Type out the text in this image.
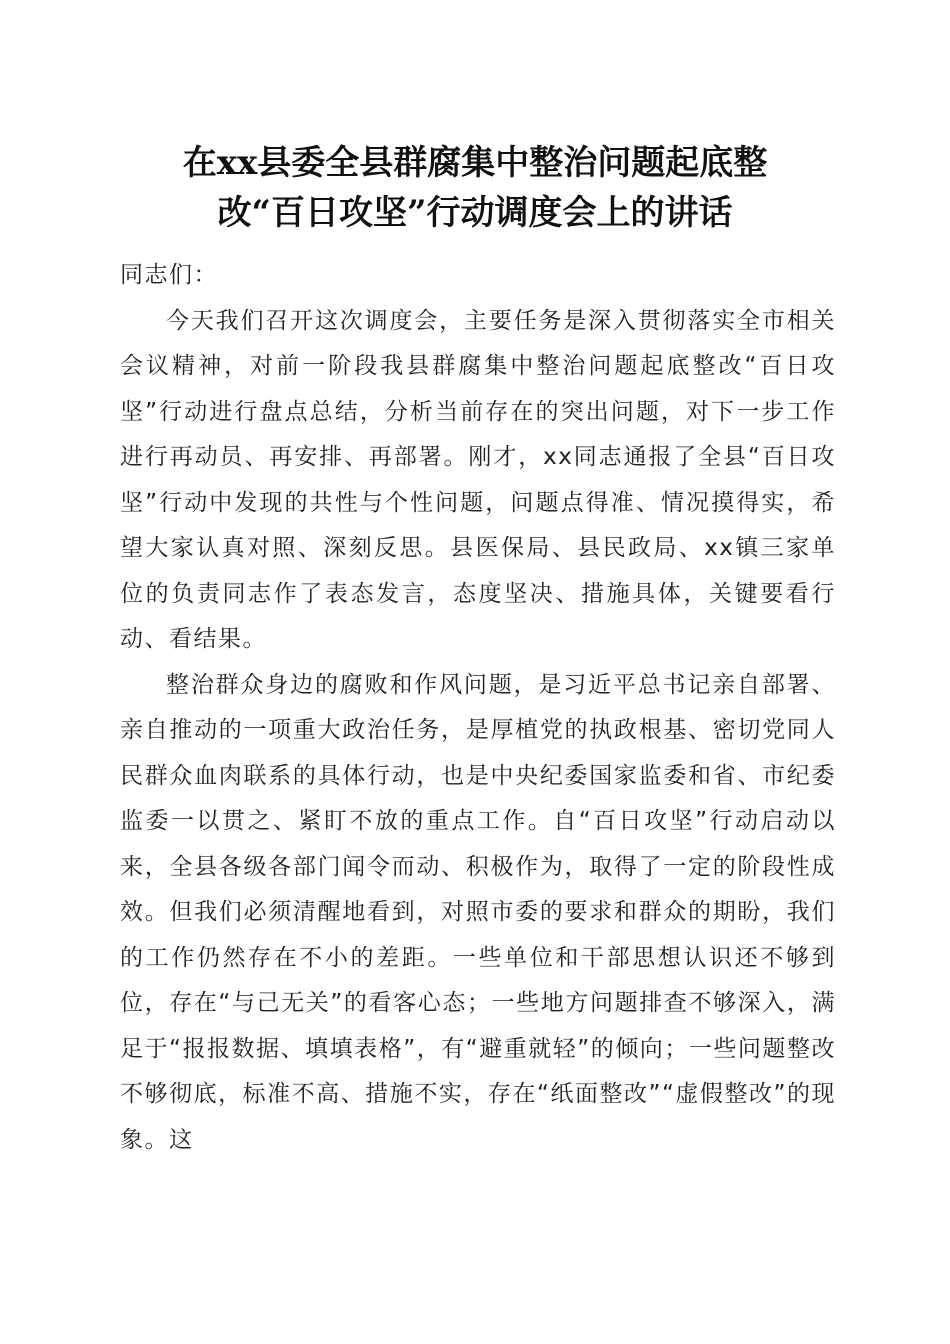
在xx县委全县群腐集中整治问题起底整
改“百日攻坚”行动调度会上的讲话

同志们：

今天我们召开这次调度会，主要任务是深入贯彻落实全市相关会议精神，对前一阶段我县群腐集中整治问题起底整改“百日攻坚”行动进行盘点总结，分析当前存在的突出问题，对下一步工作进行再动员、再安排、再部署。刚才，xx同志通报了全县“百日攻坚”行动中发现的共性与个性问题，问题点得准、情况摸得实，希望大家认真对照、深刻反思。县医保局、县民政局、xx镇三家单位的负责同志作了表态发言，态度坚决、措施具体，关键要看行动、看结果。

整治群众身边的腐败和作风问题，是习近平总书记亲自部署、亲自推动的一项重大政治任务，是厚植党的执政根基、密切党同人民群众血肉联系的具体行动，也是中央纪委国家监委和省、市纪委监委一以贯之、紧盯不放的重点工作。自“百日攻坚”行动启动以来，全县各级各部门闻令而动、积极作为，取得了一定的阶段性成效。但我们必须清醒地看到，对照市委的要求和群众的期盼，我们的工作仍然存在不小的差距。一些单位和干部思想认识还不够到位，存在“与己无关”的看客心态；一些地方问题排查不够深入，满足于“报报数据、填填表格”，有“避重就轻”的倾向；一些问题整改不够彻底，标准不高、措施不实，存在“纸面整改”“虚假整改”的现象。这
